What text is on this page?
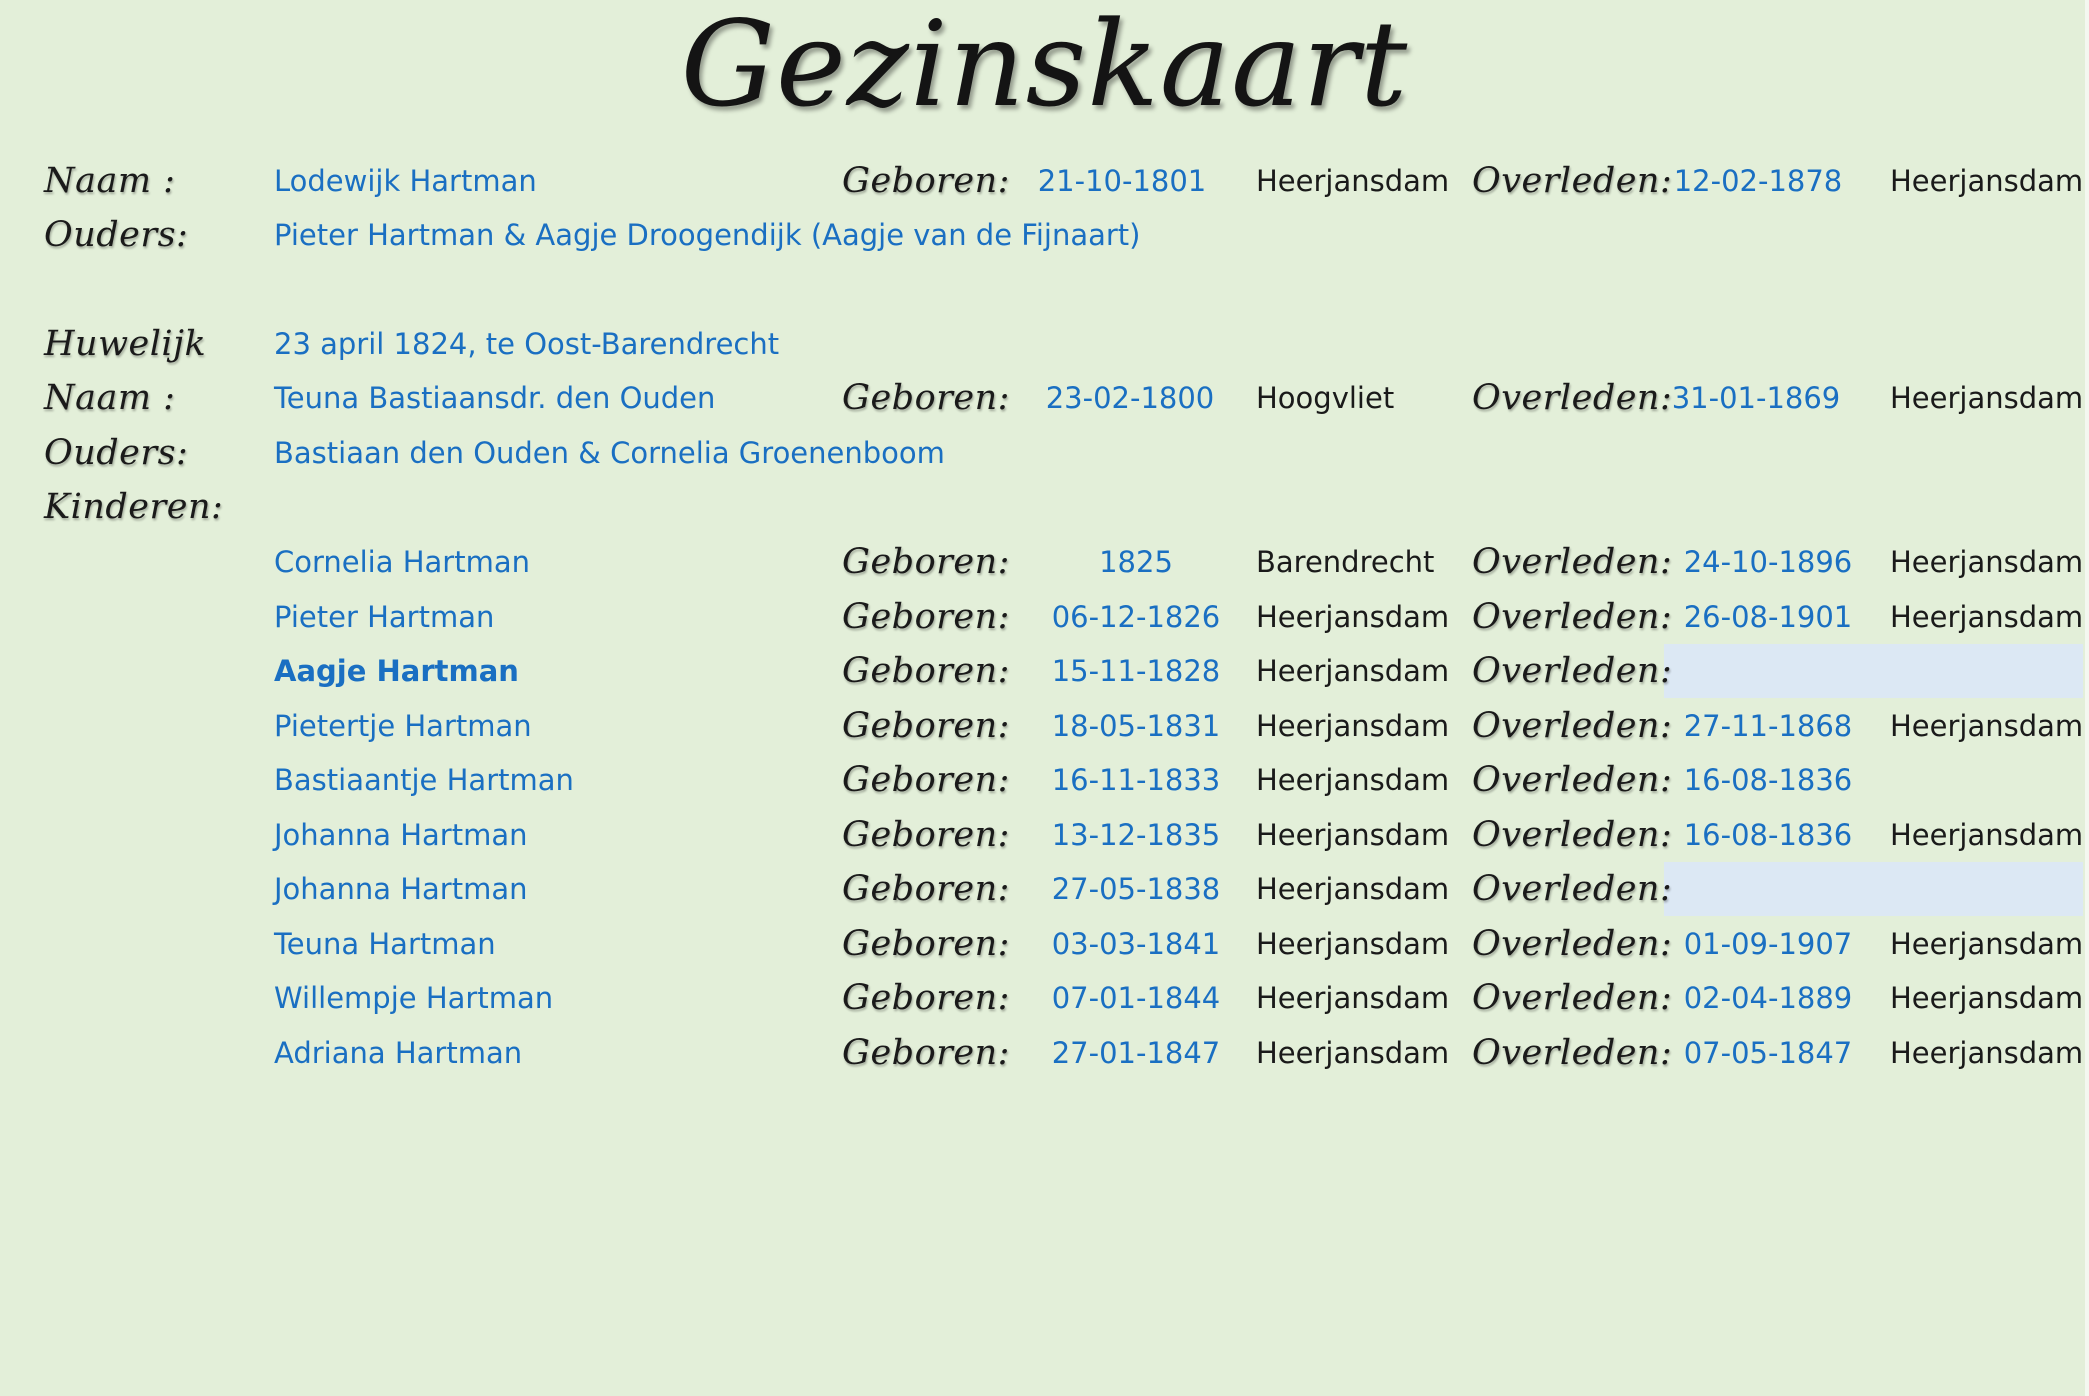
Gezinskaart
Naam :	Lodewijk Hartman	Geboren: 21-10-1801 Heerjansdam Overleden: 12-02-1878 Heerjansdam
Ouders:	Pieter Hartman & Aagje Droogendijk (Aagje van de Fijnaart)
Huwelijk 23 april 1824, te Oost-Barendrecht
Naam :	Teuna Bastiaansdr. den Ouden	Geboren: 23-02-1800 Hoogvliet Overleden: 31-01-1869 Heerjansdam
Ouders:	Bastiaan den Ouden & Cornelia Groenenboom
Kinderen:
Cornelia Hartman	Geboren:	1825	Barendrecht Overleden: 24-10-1896 Heerjansdam
Pieter Hartman	Geboren: 06-12-1826 Heerjansdam Overleden: 26-08-1901 Heerjansdam
Aagje Hartman	Geboren: 15-11-1828 Heerjansdam Overleden:
Pietertje Hartman	Geboren: 18-05-1831 Heerjansdam Overleden: 27-11-1868 Heerjansdam
Bastiaantje Hartman	Geboren: 16-11-1833 Heerjansdam Overleden: 16-08-1836
Johanna Hartman	Geboren: 13-12-1835 Heerjansdam Overleden: 16-08-1836 Heerjansdam
Johanna Hartman	Geboren: 27-05-1838 Heerjansdam Overleden:
Teuna Hartman	Geboren: 03-03-1841 Heerjansdam Overleden: 01-09-1907 Heerjansdam
Willempje Hartman	Geboren: 07-01-1844 Heerjansdam Overleden: 02-04-1889 Heerjansdam
Adriana Hartman	Geboren: 27-01-1847 Heerjansdam Overleden: 07-05-1847 Heerjansdam
